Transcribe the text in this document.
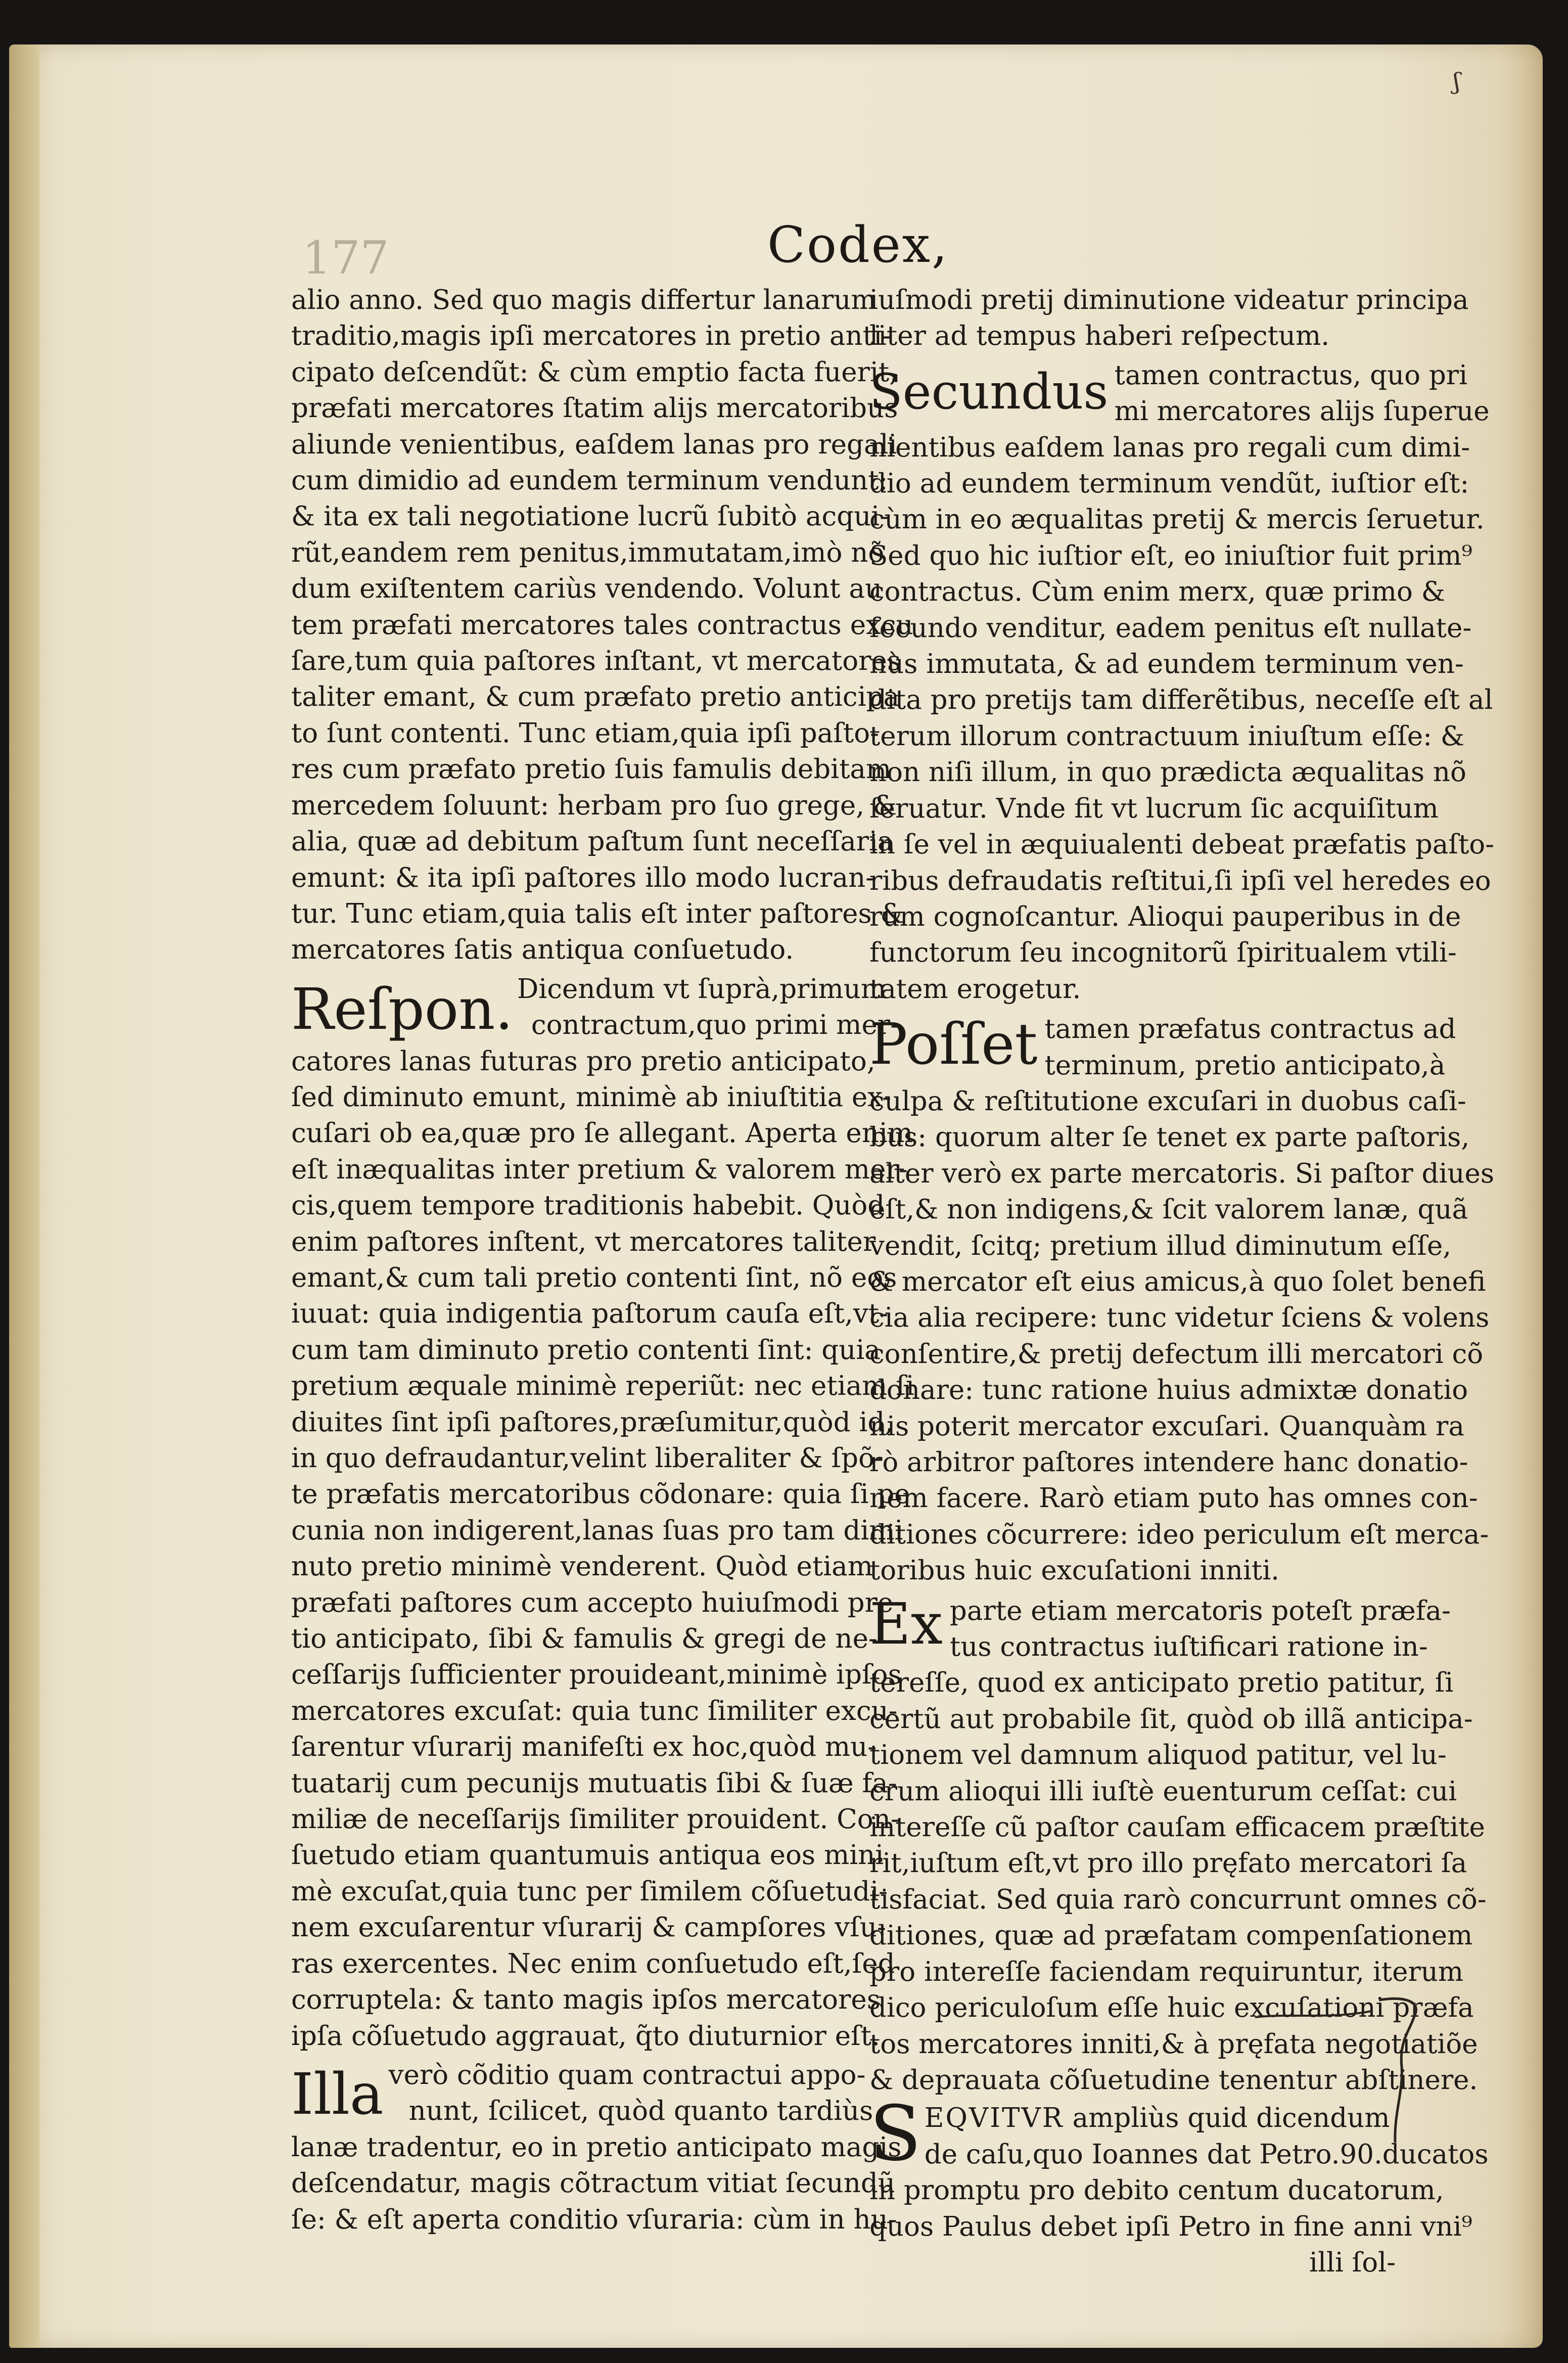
ᶴ
177	Codex,

alio anno. Sed quo magis differtur lanarum

traditio,magis ipſi mercatores in pretio anti-

cipato deſcendũt: & cùm emptio facta fuerit,

præfati mercatores ſtatim alijs mercatoribus

aliunde venientibus, eaſdem lanas pro regali

cum dimidio ad eundem terminum vendunt:

& ita ex tali negotiatione lucrũ ſubitò acqui-

rũt,eandem rem penitus,immutatam,imò nõ

dum exiſtentem cariùs vendendo. Volunt au

tem præfati mercatores tales contractus excu

ſare,tum quia paſtores inſtant, vt mercatores

taliter emant, & cum præfato pretio anticipa

to ſunt contenti. Tunc etiam,quia ipſi paſto-

res cum præfato pretio ſuis famulis debitam

mercedem ſoluunt: herbam pro ſuo grege, &

alia, quæ ad debitum paſtum ſunt neceſſaria

emunt: & ita ipſi paſtores illo modo lucran-

tur. Tunc etiam,quia talis eſt inter paſtores &

mercatores ſatis antiqua conſuetudo.

Reſpon. Dicendum vt ſuprà,primum

contractum,quo primi mer-

catores lanas futuras pro pretio anticipato,

ſed diminuto emunt, minimè ab iniuſtitia ex-

cuſari ob ea,quæ pro ſe allegant. Aperta enim

eſt inæqualitas inter pretium & valorem mer-

cis,quem tempore traditionis habebit. Quòd

enim paſtores inſtent, vt mercatores taliter

emant,& cum tali pretio contenti ſint, nõ eos

iuuat: quia indigentia paſtorum cauſa eſt,vt-

cum tam diminuto pretio contenti ſint: quia

pretium æquale minimè reperiũt: nec etiam ſi

diuites ſint ipſi paſtores,præſumitur,quòd id,

in quo defraudantur,velint liberaliter & ſpõ-

te præfatis mercatoribus cõdonare: quia ſi pe

cunia non indigerent,lanas ſuas pro tam dimi

nuto pretio minimè venderent. Quòd etiam

præfati paſtores cum accepto huiuſmodi pre

tio anticipato, ſibi & famulis & gregi de ne-

ceſſarijs ſufficienter prouideant,minimè ipſos

mercatores excuſat: quia tunc ſimiliter excu-

ſarentur vſurarij manifeſti ex hoc,quòd mu-

tuatarij cum pecunijs mutuatis ſibi & ſuæ fa-

miliæ de neceſſarijs ſimiliter prouident. Con-

ſuetudo etiam quantumuis antiqua eos mini

mè excuſat,quia tunc per ſimilem cõſuetudi-

nem excuſarentur vſurarij & campſores vſu-

ras exercentes. Nec enim conſuetudo eſt,ſed

corruptela: & tanto magis ipſos mercatores

ipſa cõſuetudo aggrauat, q̃to diuturnior eſt.

Illa verò cõditio quam contractui appo-

nunt, ſcilicet, quòd quanto tardiùs

lanæ tradentur, eo in pretio anticipato magis

deſcendatur, magis cõtractum vitiat ſecundũ

ſe: & eſt aperta conditio vſuraria: cùm in hu-

iuſmodi pretij diminutione videatur principa

liter ad tempus haberi reſpectum.

Secundus tamen contractus, quo pri

mi mercatores alijs ſuperue

nientibus eaſdem lanas pro regali cum dimi-

dio ad eundem terminum vendũt, iuſtior eſt:

cùm in eo æqualitas pretij & mercis ſeruetur.

Sed quo hic iuſtior eſt, eo iniuſtior fuit prim⁹

contractus. Cùm enim merx, quæ primo &

ſecundo venditur, eadem penitus eſt nullate-

nùs immutata, & ad eundem terminum ven-

dita pro pretijs tam differẽtibus, neceſſe eſt al

terum illorum contractuum iniuſtum eſſe: &

non niſi illum, in quo prædicta æqualitas nõ

ſeruatur. Vnde fit vt lucrum ſic acquiſitum

in ſe vel in æquiualenti debeat præfatis paſto-

ribus defraudatis reſtitui,ſi ipſi vel heredes eo

rum cognoſcantur. Alioqui pauperibus in de

functorum ſeu incognitorũ ſpiritualem vtili-

tatem erogetur.

Poſſet tamen præfatus contractus ad

terminum, pretio anticipato,à

culpa & reſtitutione excuſari in duobus caſi-

bus: quorum alter ſe tenet ex parte paſtoris,

alter verò ex parte mercatoris. Si paſtor diues

eſt,& non indigens,& ſcit valorem lanæ, quã

vendit, ſcitq; pretium illud diminutum eſſe,

& mercator eſt eius amicus,à quo ſolet benefi

cia alia recipere: tunc videtur ſciens & volens

conſentire,& pretij defectum illi mercatori cõ

donare: tunc ratione huius admixtæ donatio

nis poterit mercator excuſari. Quanquàm ra

rò arbitror paſtores intendere hanc donatio-

nem facere. Rarò etiam puto has omnes con-

ditiones cõcurrere: ideo periculum eſt merca-

toribus huic excuſationi inniti.

Ex parte etiam mercatoris poteſt præfa-

tus contractus iuſtificari ratione in-

tereſſe, quod ex anticipato pretio patitur, ſi

certũ aut probabile ſit, quòd ob illã anticipa-

tionem vel damnum aliquod patitur, vel lu-

crum alioqui illi iuſtè euenturum ceſſat: cui

intereſſe cũ paſtor cauſam efficacem præſtite

rit,iuſtum eſt,vt pro illo pręfato mercatori ſa

tisfaciat. Sed quia rarò concurrunt omnes cõ-

ditiones, quæ ad præfatam compenſationem

pro intereſſe faciendam requiruntur, iterum

dico periculoſum eſſe huic excuſationi præfa

tos mercatores inniti,& à pręfata negotiatiõe

& deprauata cõſuetudine tenentur abſtinere.

S EQVITVR ampliùs quid dicendum

de caſu,quo Ioannes dat Petro.90.ducatos

in promptu pro debito centum ducatorum,

quos Paulus debet ipſi Petro in fine anni vni⁹

illi ſol-
